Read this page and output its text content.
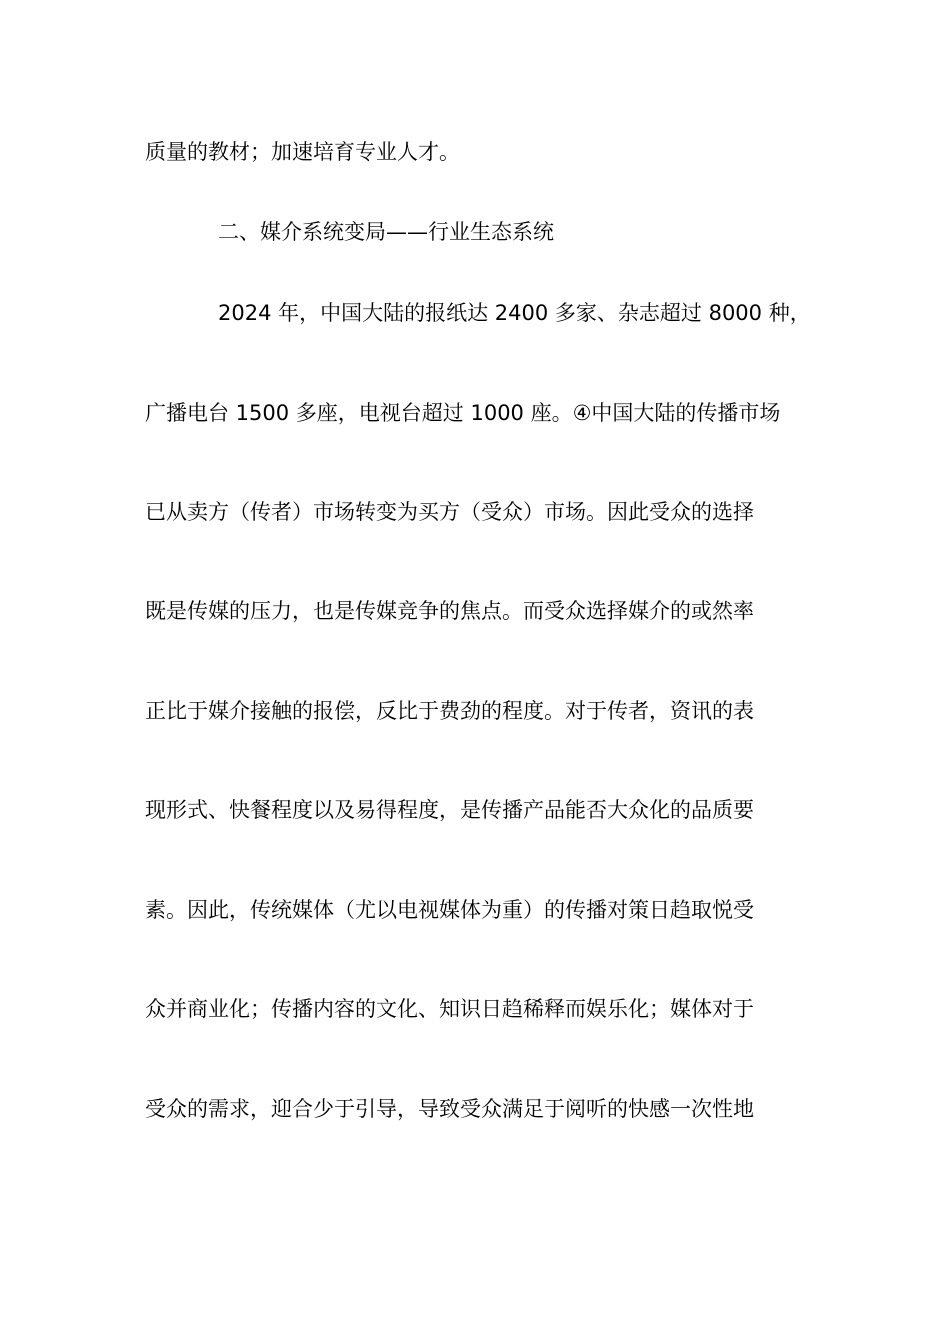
质量的教材；加速培育专业人才。
二、媒介系统变局——行业生态系统
2024 年，中国大陆的报纸达 2400 多家、杂志超过 8000 种，
广播电台 1500 多座，电视台超过 1000 座。④中国大陆的传播市场
已从卖方（传者）市场转变为买方（受众）市场。因此受众的选择
既是传媒的压力，也是传媒竞争的焦点。而受众选择媒介的或然率
正比于媒介接触的报偿，反比于费劲的程度。对于传者，资讯的表
现形式、快餐程度以及易得程度，是传播产品能否大众化的品质要
素。因此，传统媒体（尤以电视媒体为重）的传播对策日趋取悦受
众并商业化；传播内容的文化、知识日趋稀释而娱乐化；媒体对于
受众的需求，迎合少于引导，导致受众满足于阅听的快感一次性地
